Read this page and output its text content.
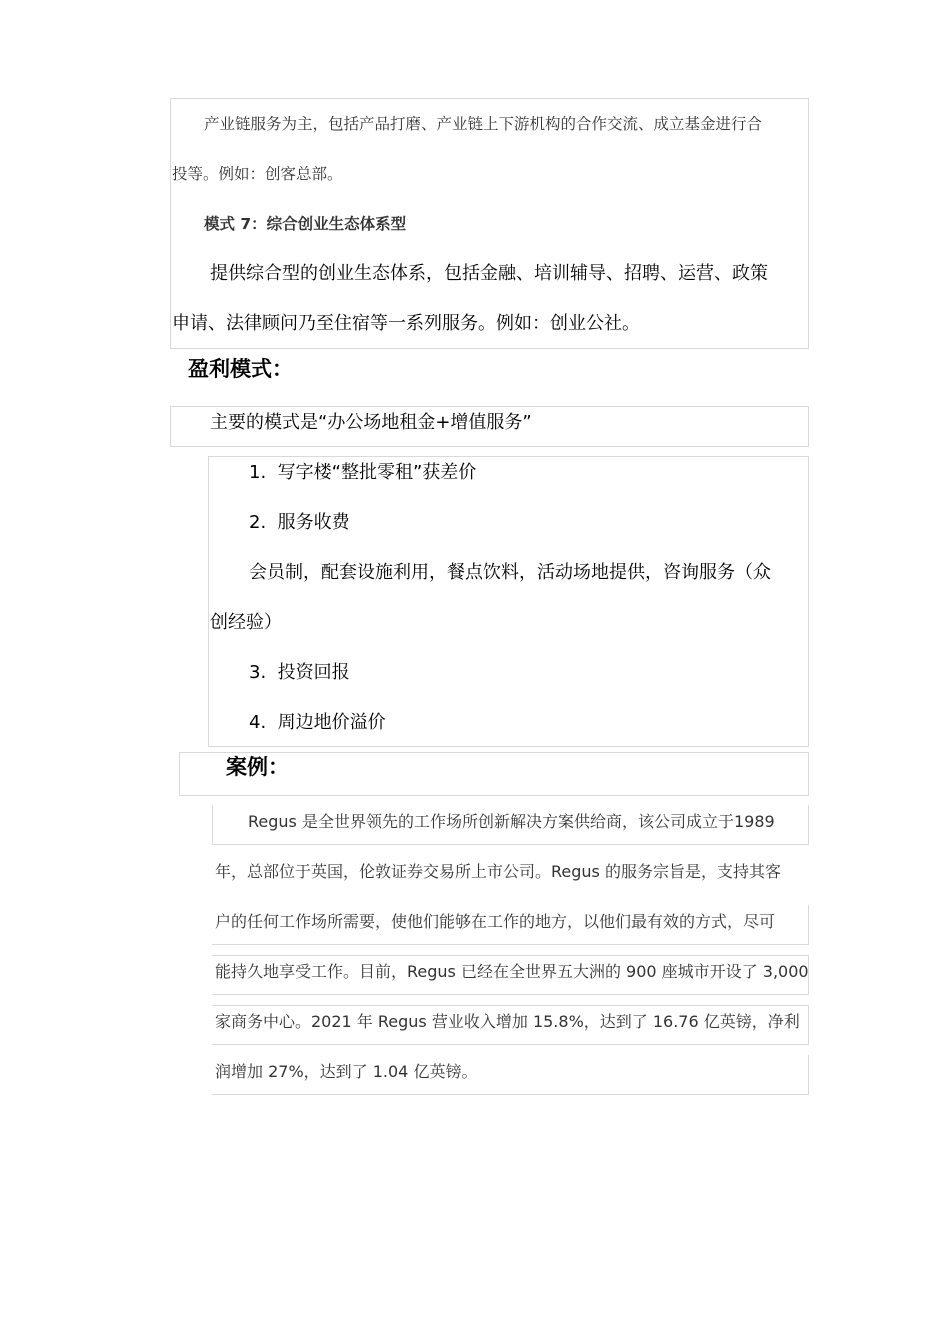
产业链服务为主，包括产品打磨、产业链上下游机构的合作交流、成立基金进行合
投等。例如：创客总部。
模式 7：综合创业生态体系型
提供综合型的创业生态体系，包括金融、培训辅导、招聘、运营、政策
申请、法律顾问乃至住宿等一系列服务。例如：创业公社。
盈利模式：
主要的模式是“办公场地租金+增值服务”
1. 写字楼“整批零租”获差价
2. 服务收费
会员制，配套设施利用，餐点饮料，活动场地提供，咨询服务（众
创经验）
3. 投资回报
4. 周边地价溢价
案例：
Regus 是全世界领先的工作场所创新解决方案供给商，该公司成立于1989
年，总部位于英国，伦敦证券交易所上市公司。Regus 的服务宗旨是，支持其客
户的任何工作场所需要，使他们能够在工作的地方，以他们最有效的方式，尽可
能持久地享受工作。目前，Regus 已经在全世界五大洲的 900 座城市开设了 3,000
家商务中心。2021 年 Regus 营业收入增加 15.8%，达到了 16.76 亿英镑，净利
润增加 27%，达到了 1.04 亿英镑。
